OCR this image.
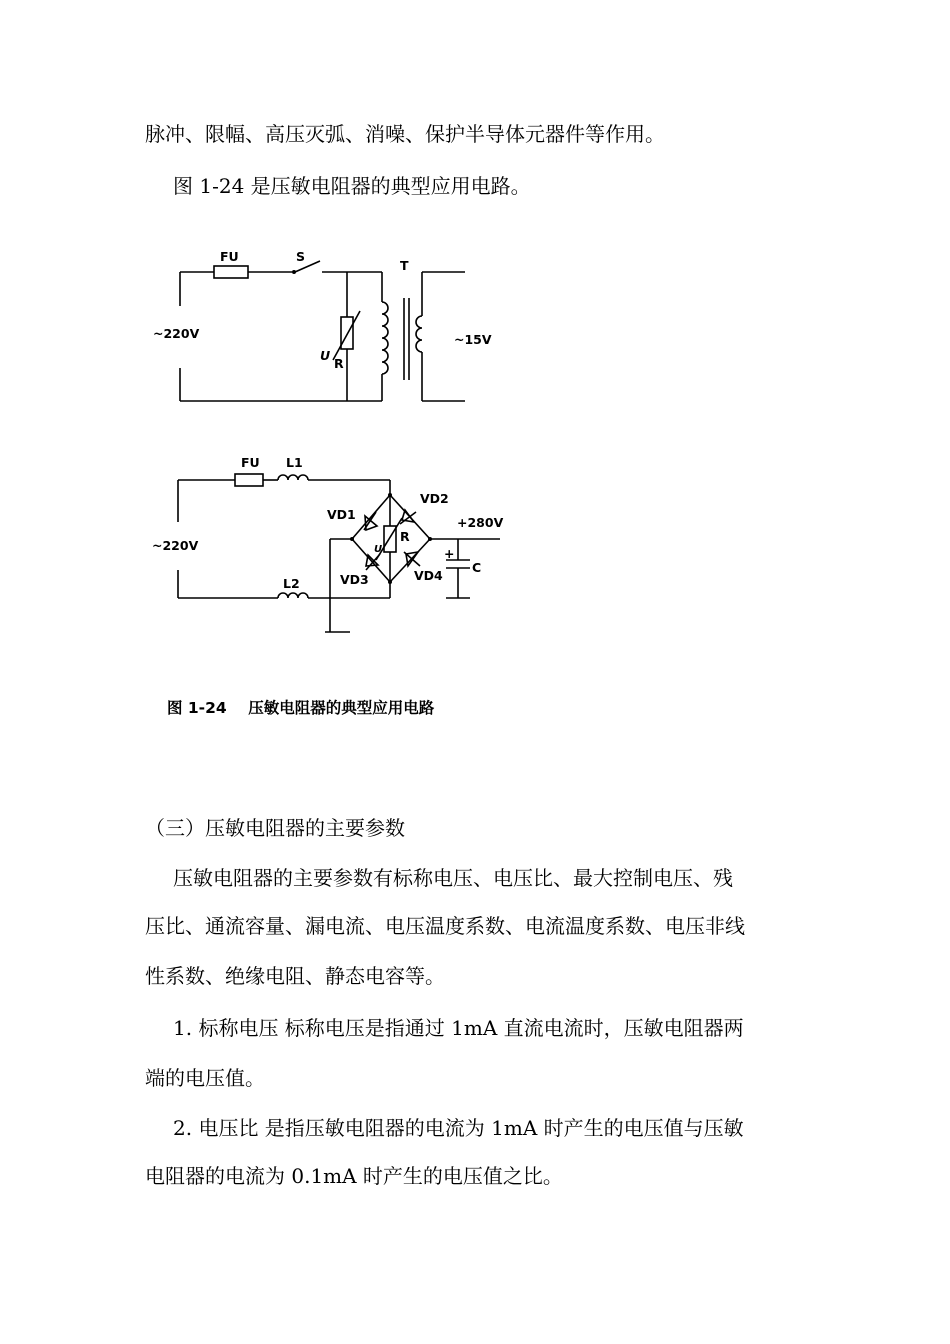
脉冲、限幅、高压灭弧、消噪、保护半导体元器件等作用。
图 1-24 是压敏电阻器的典型应用电路。
FU	S
T
~220V	~15V
U
R
FU L1
~220V
L2
VD1
VD2
VD3	VD4
+280V
+
C
R
U
图 1-24    压敏电阻器的典型应用电路
（三）压敏电阻器的主要参数
压敏电阻器的主要参数有标称电压、电压比、最大控制电压、残
压比、通流容量、漏电流、电压温度系数、电流温度系数、电压非线
性系数、绝缘电阻、静态电容等。
1. 标称电压 标称电压是指通过 1mA 直流电流时，压敏电阻器两
端的电压值。
2. 电压比 是指压敏电阻器的电流为 1mA 时产生的电压值与压敏
电阻器的电流为 0.1mA 时产生的电压值之比。
